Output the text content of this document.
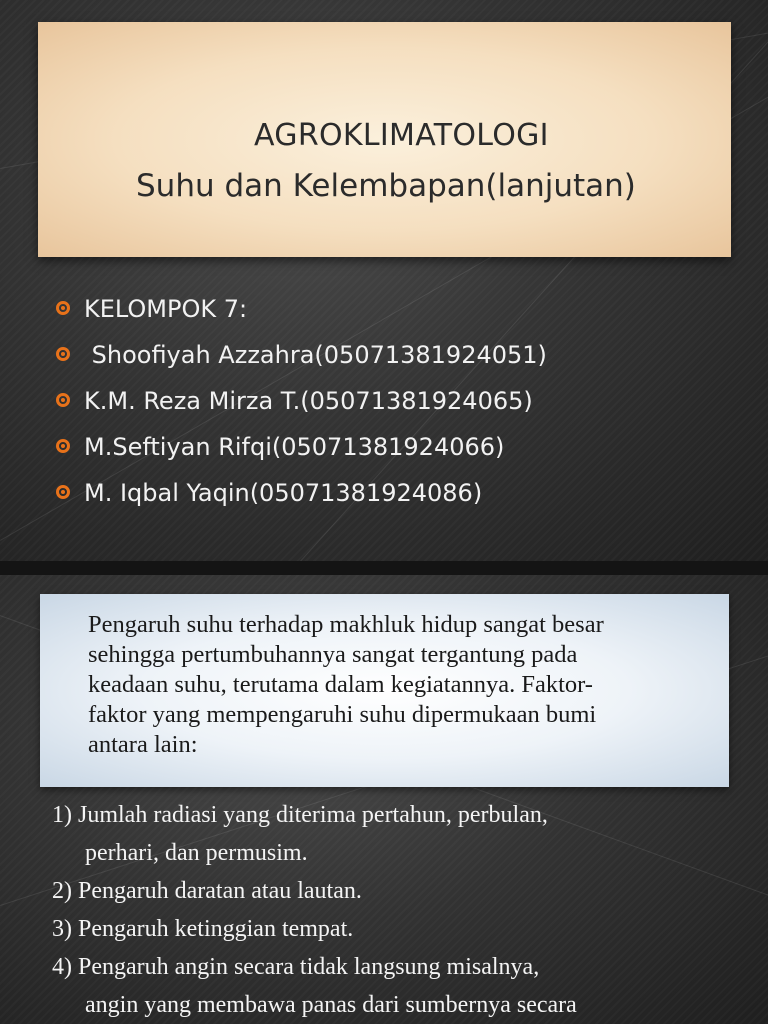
AGROKLIMATOLOGI
Suhu dan Kelembapan(lanjutan)
KELOMPOK 7:
Shoofiyah Azzahra(05071381924051)
K.M. Reza Mirza T.(05071381924065)
M.Seftiyan Rifqi(05071381924066)
M. Iqbal Yaqin(05071381924086)

Pengaruh suhu terhadap makhluk hidup sangat besar

sehingga pertumbuhannya sangat tergantung pada

keadaan suhu, terutama dalam kegiatannya. Faktor-

faktor yang mempengaruhi suhu dipermukaan bumi

antara lain:

1) Jumlah radiasi yang diterima pertahun, perbulan,
perhari, dan permusim.
2) Pengaruh daratan atau lautan.
3) Pengaruh ketinggian tempat.
4) Pengaruh angin secara tidak langsung misalnya,
angin yang membawa panas dari sumbernya secara
